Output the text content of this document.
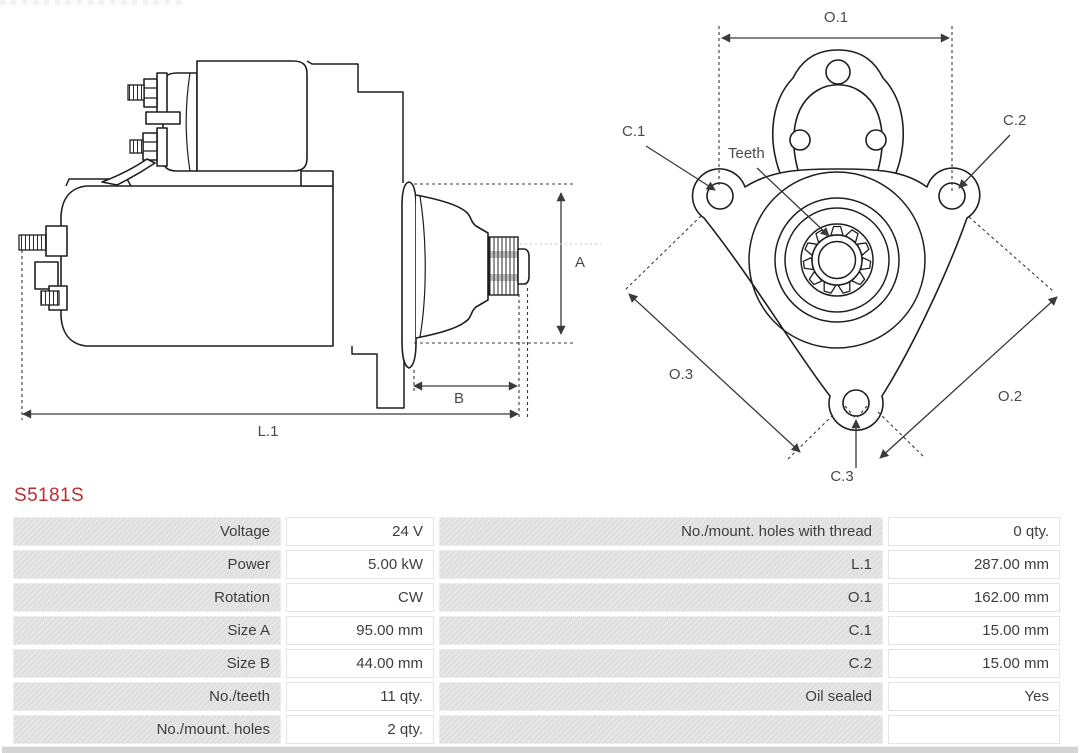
A
B
L.1
O.1
C.1
C.2
Teeth
O.3
O.2
C.3
S5181S
Voltage	24 V	No./mount. holes with thread	0 qty.
Power	5.00 kW	L.1	287.00 mm
Rotation	CW	O.1	162.00 mm
Size A	95.00 mm	C.1	15.00 mm
Size B	44.00 mm	C.2	15.00 mm
No./teeth	11 qty.	Oil sealed	Yes
No./mount. holes	2 qty.		
